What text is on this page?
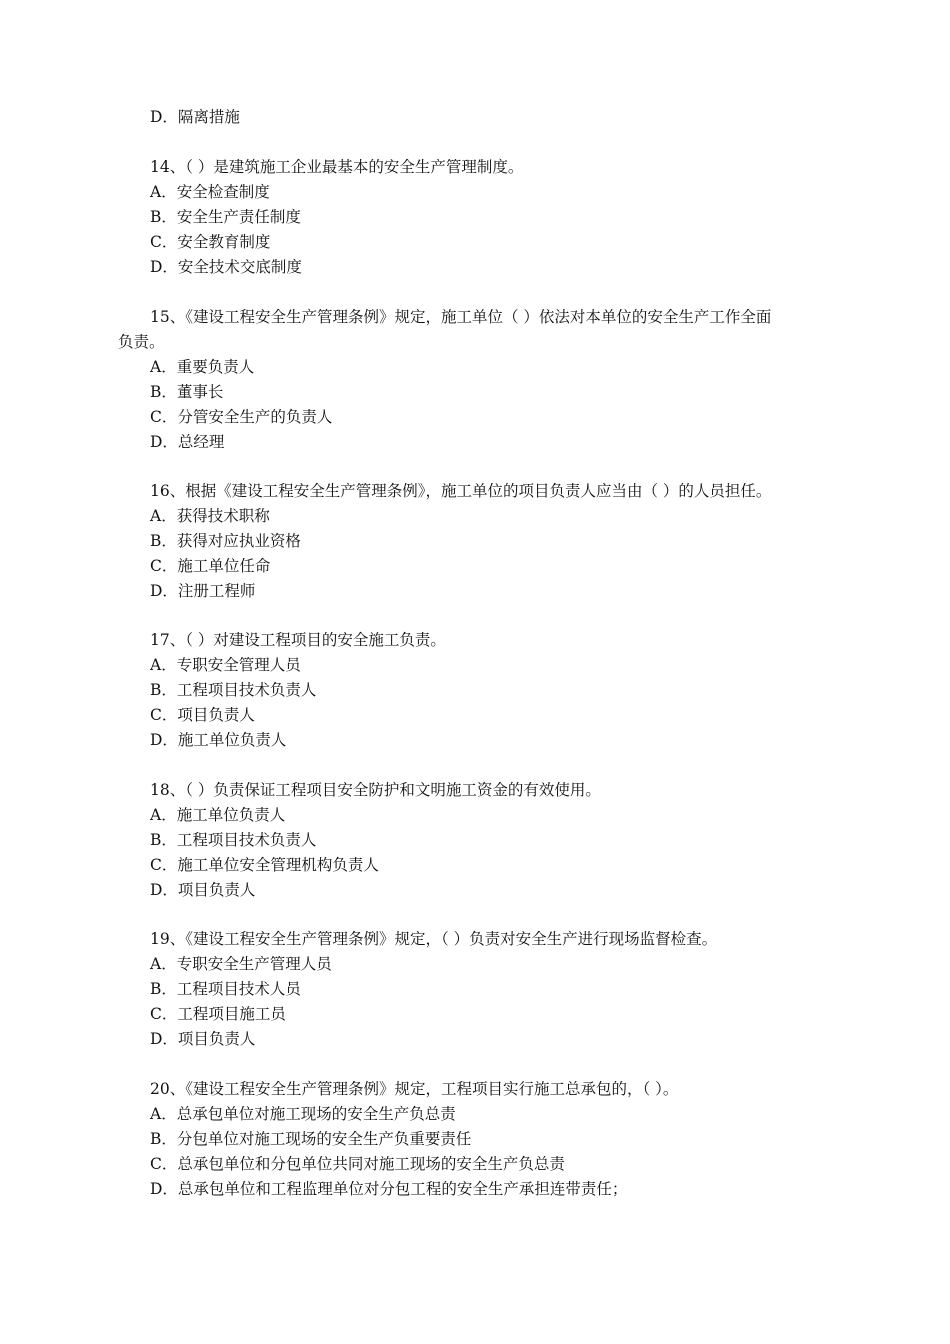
D．隔离措施
14、（ ）是建筑施工企业最基本的安全生产管理制度。
A．安全检查制度
B．安全生产责任制度
C．安全教育制度
D．安全技术交底制度
15、《建设工程安全生产管理条例》规定，施工单位（ ）依法对本单位的安全生产工作全面
负责。
A．重要负责人
B．董事长
C．分管安全生产的负责人
D．总经理
16、根据《建设工程安全生产管理条例》，施工单位的项目负责人应当由（ ）的人员担任。
A．获得技术职称
B．获得对应执业资格
C．施工单位任命
D．注册工程师
17、（ ）对建设工程项目的安全施工负责。
A．专职安全管理人员
B．工程项目技术负责人
C．项目负责人
D．施工单位负责人
18、（ ）负责保证工程项目安全防护和文明施工资金的有效使用。
A．施工单位负责人
B．工程项目技术负责人
C．施工单位安全管理机构负责人
D．项目负责人
19、《建设工程安全生产管理条例》规定，（ ）负责对安全生产进行现场监督检查。
A．专职安全生产管理人员
B．工程项目技术人员
C．工程项目施工员
D．项目负责人
20、《建设工程安全生产管理条例》规定，工程项目实行施工总承包的，（ ）。
A．总承包单位对施工现场的安全生产负总责
B．分包单位对施工现场的安全生产负重要责任
C．总承包单位和分包单位共同对施工现场的安全生产负总责
D．总承包单位和工程监理单位对分包工程的安全生产承担连带责任；
